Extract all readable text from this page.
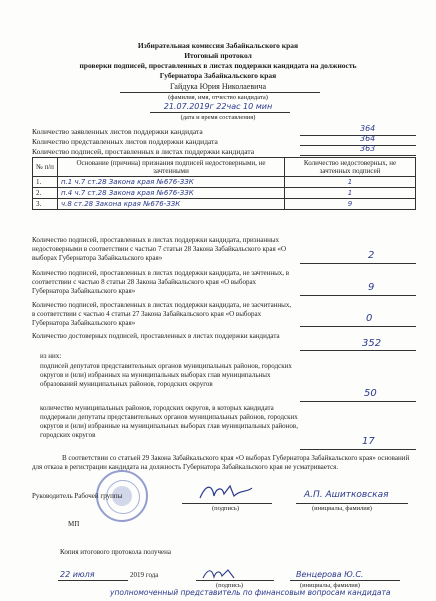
Избирательная комиссия Забайкальского края
Итоговый протокол
проверки подписей, проставленных в листах поддержки кандидата на должность
Губернатора Забайкальского края
Гайдука Юрия Николаевича
(фамилия, имя, отчество кандидата)
21.07.2019г 22час 10 мин
(дата и время составления)
Количество заявленных листов поддержки кандидата	364
Количество представленных листов поддержки кандидата	364
Количество подписей, проставленных в листах поддержки кандидата	363
№ п/п	Основание (причина) признания подписей недостоверными, не зачтенными	Количество недостоверных, не зачтенных подписей
1.	п.1 ч.7 ст.28 Закона края №676-ЗЗК	1
2.	п.4 ч.7 ст.28 Закона края №676-ЗЗК	1
3.	ч.8 ст.28 Закона края №676-ЗЗК	9
Количество подписей, проставленных в листах поддержки кандидата, признанных недостоверными в соответствии с частью 7 статьи 28 Закона Забайкальского края «О выборах Губернатора Забайкальского края»	2
Количество подписей, проставленных в листах поддержки кандидата, не зачтенных, в соответствии с частью 8 статьи 28 Закона Забайкальского края «О выборах Губернатора Забайкальского края»	9
Количество подписей, проставленных в листах поддержки кандидата, не засчитанных, в соответствии с частью 4 статьи 27 Закона Забайкальского края «О выборах Губернатора Забайкальского края»	0
Количество достоверных подписей, проставленных в листах поддержки кандидата
352
из них:
подписей депутатов представительных органов муниципальных районов, городских округов и (или) избранных на муниципальных выборах глав муниципальных образований муниципальных районов, городских округов
50
количество муниципальных районов, городских округов, в которых кандидата поддержали депутаты представительных органов муниципальных районов, городских округов и (или) избранные на муниципальных выборах глав муниципальных районов, городских округов
17
В соответствии со статьей 29 Закона Забайкальского края «О выборах Губернатора Забайкальского края» оснований для отказа в регистрации кандидата на должность Губернатора Забайкальского края не усматривается.
Руководитель Рабочей группы
(подпись)
А.П. Ашитковская
(инициалы, фамилия)
МП
Копия итогового протокола получена
22 июля	2019 года
(подпись)
Венцерова Ю.С.
(инициалы, фамилия)
уполномоченный представитель по финансовым вопросам кандидата
